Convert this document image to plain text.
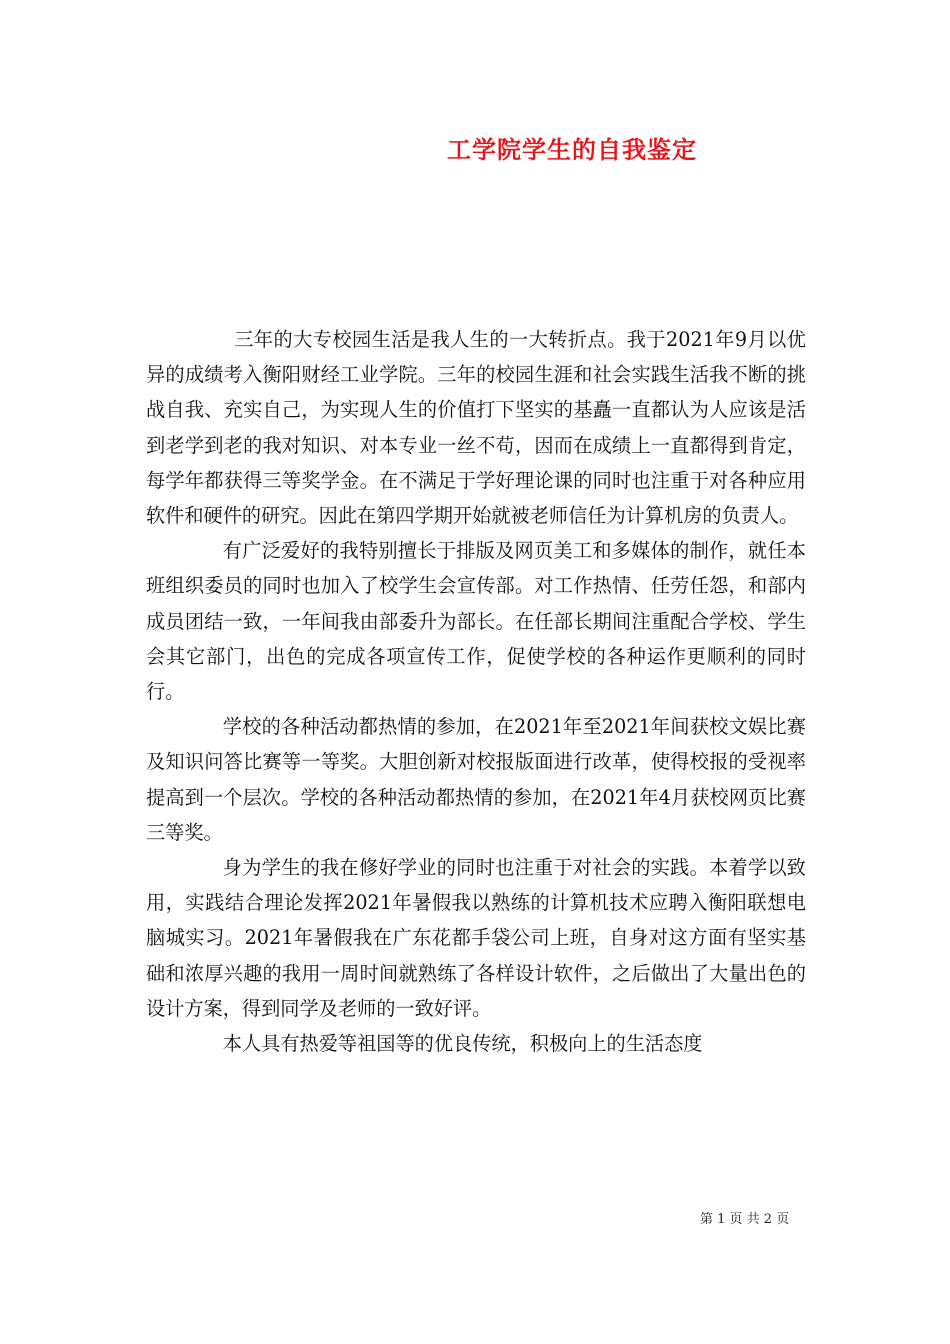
工学院学生的自我鉴定

三年的大专校园生活是我人生的一大转折点。我于2021年9月以优异的成绩考入衡阳财经工业学院。三年的校园生涯和社会实践生活我不断的挑战自我、充实自己，为实现人生的价值打下坚实的基矗一直都认为人应该是活到老学到老的我对知识、对本专业一丝不苟，因而在成绩上一直都得到肯定，每学年都获得三等奖学金。在不满足于学好理论课的同时也注重于对各种应用软件和硬件的研究。因此在第四学期开始就被老师信任为计算机房的负责人。

有广泛爱好的我特别擅长于排版及网页美工和多媒体的制作，就任本班组织委员的同时也加入了校学生会宣传部。对工作热情、任劳任怨，和部内成员团结一致，一年间我由部委升为部长。在任部长期间注重配合学校、学生会其它部门，出色的完成各项宣传工作，促使学校的各种运作更顺利的同时行。

学校的各种活动都热情的参加，在2021年至2021年间获校文娱比赛及知识问答比赛等一等奖。大胆创新对校报版面进行改革，使得校报的受视率提高到一个层次。学校的各种活动都热情的参加，在2021年4月获校网页比赛三等奖。

身为学生的我在修好学业的同时也注重于对社会的实践。本着学以致用，实践结合理论发挥2021年暑假我以熟练的计算机技术应聘入衡阳联想电脑城实习。2021年暑假我在广东花都手袋公司上班，自身对这方面有坚实基础和浓厚兴趣的我用一周时间就熟练了各样设计软件，之后做出了大量出色的设计方案，得到同学及老师的一致好评。

本人具有热爱等祖国等的优良传统，积极向上的生活态度

第 1 页 共 2 页
